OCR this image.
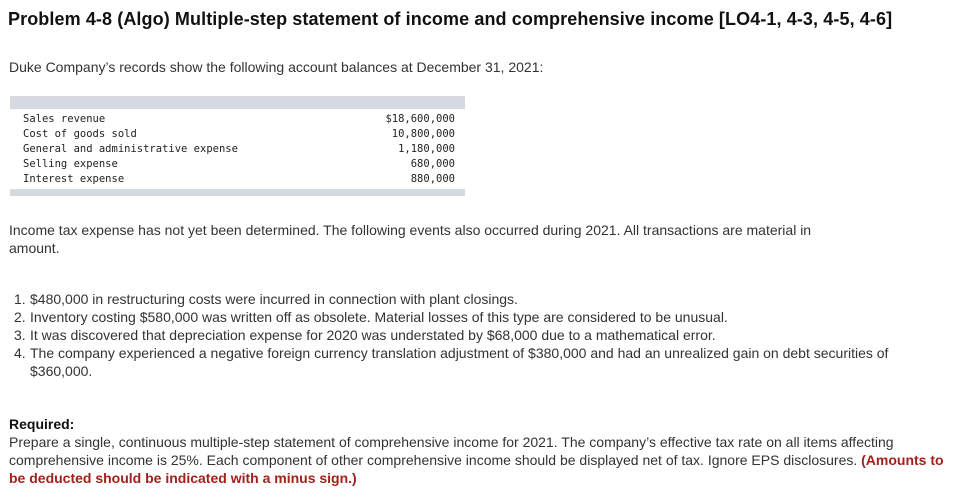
Problem 4-8 (Algo) Multiple-step statement of income and comprehensive income [LO4-1, 4-3, 4-5, 4-6]
Duke Company’s records show the following account balances at December 31, 2021:
Sales revenue	$18,600,000
Cost of goods sold	10,800,000
General and administrative expense	1,180,000
Selling expense	680,000
Interest expense	880,000
Income tax expense has not yet been determined. The following events also occurred during 2021. All transactions are material in
amount.
1. $480,000 in restructuring costs were incurred in connection with plant closings.
2. Inventory costing $580,000 was written off as obsolete. Material losses of this type are considered to be unusual.
3. It was discovered that depreciation expense for 2020 was understated by $68,000 due to a mathematical error.
4. The company experienced a negative foreign currency translation adjustment of $380,000 and had an unrealized gain on debt securities of $360,000.
Required:
Prepare a single, continuous multiple-step statement of comprehensive income for 2021. The company’s effective tax rate on all items affecting comprehensive income is 25%. Each component of other comprehensive income should be displayed net of tax. Ignore EPS disclosures. (Amounts to be deducted should be indicated with a minus sign.)
